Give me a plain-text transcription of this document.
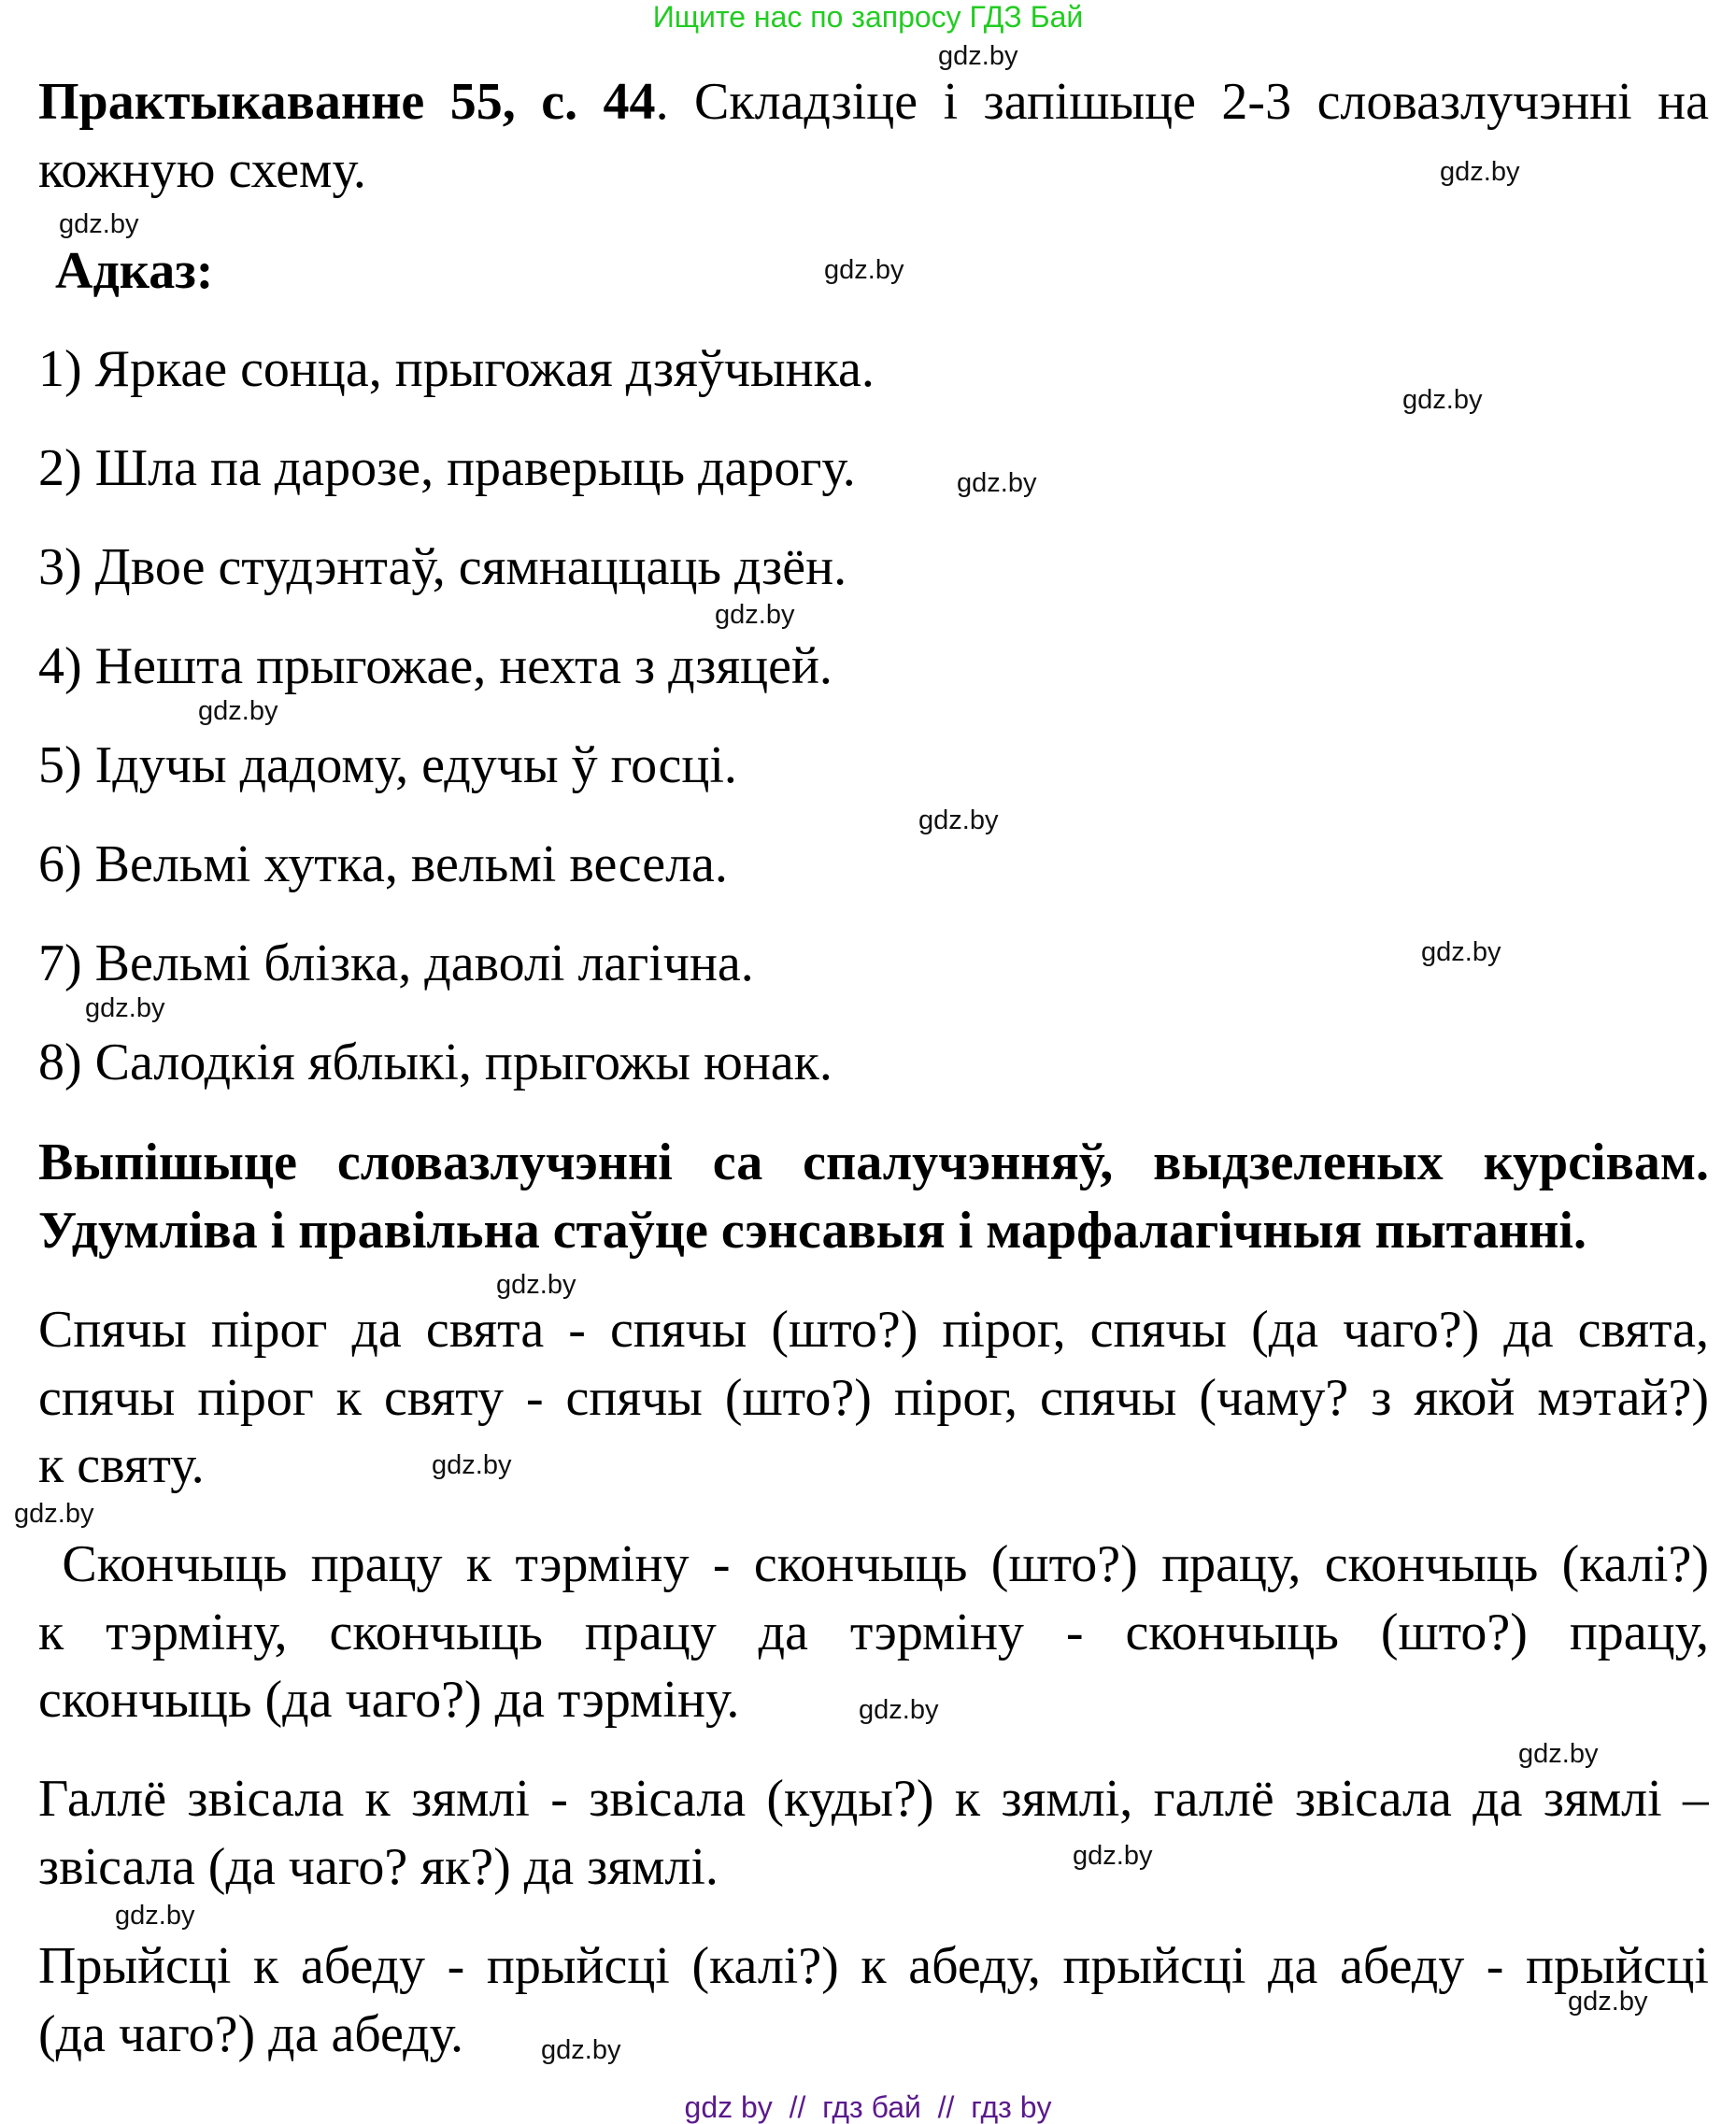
Ищите нас по запросу ГДЗ Бай
Практыкаванне 55, с. 44. Складзіце і запішыце 2-3 словазлучэнні на
кожную схему.
Адказ:
1) Яркае сонца, прыгожая дзяўчынка.
2) Шла па дарозе, праверыць дарогу.
3) Двое студэнтаў, сямнаццаць дзён.
4) Нешта прыгожае, нехта з дзяцей.
5) Ідучы дадому, едучы ў госці.
6) Вельмі хутка, вельмі весела.
7) Вельмі блізка, даволі лагічна.
8) Салодкія яблыкі, прыгожы юнак.
Выпішыце словазлучэнні са спалучэнняў, выдзеленых курсівам.
Удумліва і правільна стаўце сэнсавыя і марфалагічныя пытанні.
Спячы пірог да свята - спячы (што?) пірог, спячы (да чаго?) да свята,
спячы пірог к святу - спячы (што?) пірог, спячы (чаму? з якой мэтай?)
к святу.
Скончыць працу к тэрміну - скончыць (што?) працу, скончыць (калі?)
к тэрміну, скончыць працу да тэрміну - скончыць (што?) працу,
скончыць (да чаго?) да тэрміну.
Галлё звісала к зямлі - звісала (куды?) к зямлі, галлё звісала да зямлі –
звісала (да чаго? як?) да зямлі.
Прыйсці к абеду - прыйсці (калі?) к абеду, прыйсці да абеду - прыйсці
(да чаго?) да абеду.
gdz.by
gdz.by
gdz.by
gdz.by
gdz.by
gdz.by
gdz.by
gdz.by
gdz.by
gdz.by
gdz.by
gdz.by
gdz.by
gdz.by
gdz.by
gdz.by
gdz.by
gdz.by
gdz.by
gdz.by
gdz by  //  гдз бай  //  гдз by
